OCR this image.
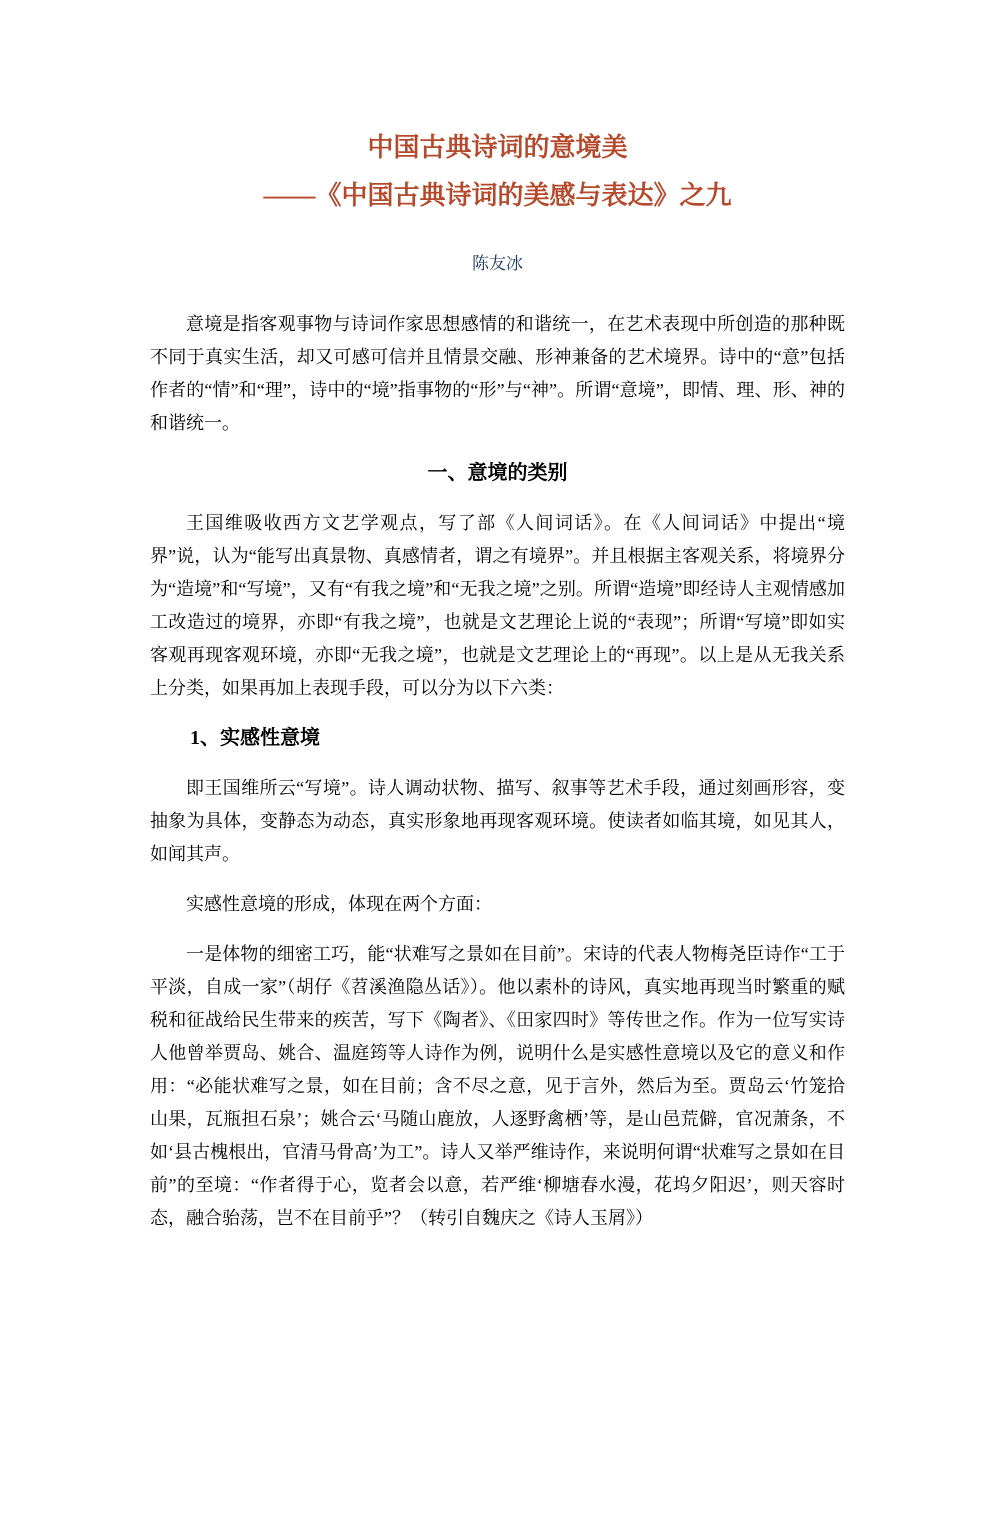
中国古典诗词的意境美
——《中国古典诗词的美感与表达》之九
陈友冰

意境是指客观事物与诗词作家思想感情的和谐统一，在艺术表现中所创造的那种既不同于真实生活，却又可感可信并且情景交融、形神兼备的艺术境界。诗中的“意”包括作者的“情”和“理”，诗中的“境”指事物的“形”与“神”。所谓“意境”，即情、理、形、神的和谐统一。

一、意境的类别

王国维吸收西方文艺学观点，写了部《人间词话》。在《人间词话》中提出“境界”说，认为“能写出真景物、真感情者，谓之有境界”。并且根据主客观关系，将境界分为“造境”和“写境”，又有“有我之境”和“无我之境”之别。所谓“造境”即经诗人主观情感加工改造过的境界，亦即“有我之境”，也就是文艺理论上说的“表现”；所谓“写境”即如实客观再现客观环境，亦即“无我之境”，也就是文艺理论上的“再现”。以上是从无我关系上分类，如果再加上表现手段，可以分为以下六类：

1、实感性意境

即王国维所云“写境”。诗人调动状物、描写、叙事等艺术手段，通过刻画形容，变抽象为具体，变静态为动态，真实形象地再现客观环境。使读者如临其境，如见其人，如闻其声。

实感性意境的形成，体现在两个方面：

一是体物的细密工巧，能“状难写之景如在目前”。宋诗的代表人物梅尧臣诗作“工于平淡，自成一家”（胡仔《苕溪渔隐丛话》）。他以素朴的诗风，真实地再现当时繁重的赋税和征战给民生带来的疾苦，写下《陶者》、《田家四时》等传世之作。作为一位写实诗人他曾举贾岛、姚合、温庭筠等人诗作为例，说明什么是实感性意境以及它的意义和作用：“必能状难写之景，如在目前；含不尽之意，见于言外，然后为至。贾岛云‘竹笼拾山果，瓦瓶担石泉’；姚合云‘马随山鹿放，人逐野禽栖’等，是山邑荒僻，官况萧条，不如‘县古槐根出，官清马骨高’为工”。诗人又举严维诗作，来说明何谓“状难写之景如在目前”的至境：“作者得于心，览者会以意，若严维‘柳塘春水漫，花坞夕阳迟’，则天容时态，融合骀荡，岂不在目前乎”？（转引自魏庆之《诗人玉屑》）
